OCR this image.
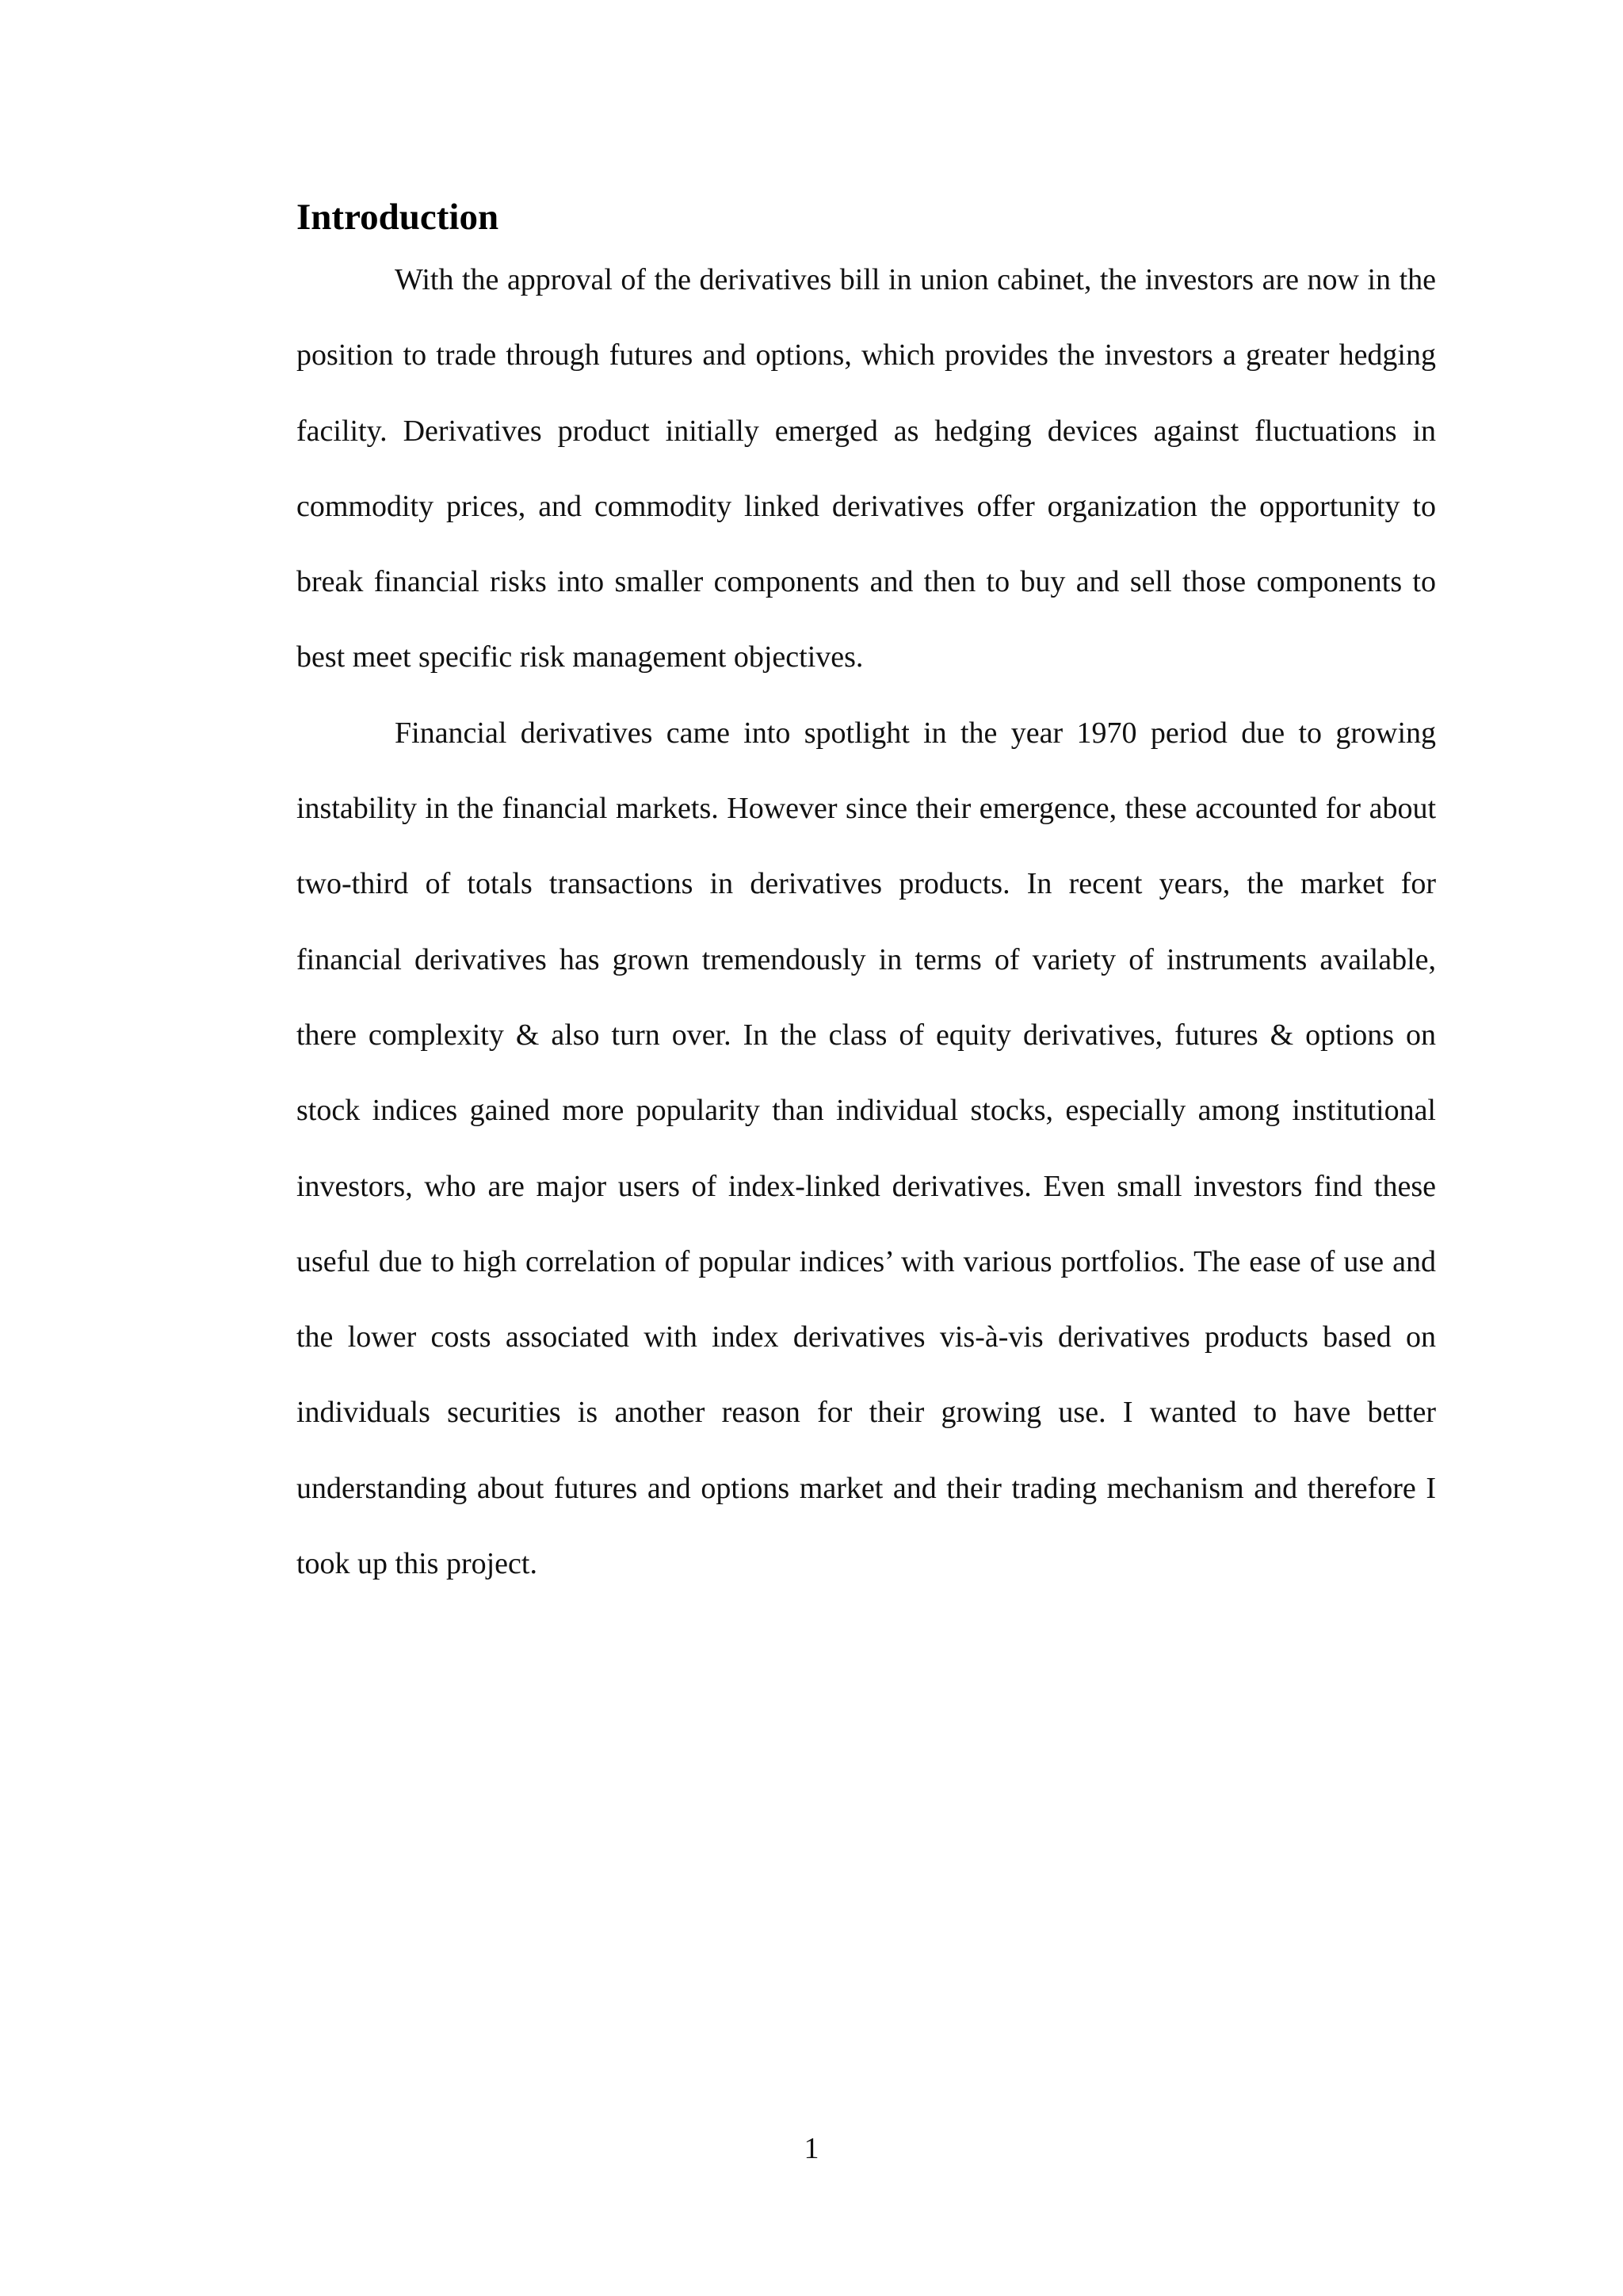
Introduction

With the approval of the derivatives bill in union cabinet, the investors are now in the position to trade through futures and options, which provides the investors a greater hedging facility. Derivatives product initially emerged as hedging devices against fluctuations in commodity prices, and commodity linked derivatives offer organization the opportunity to break financial risks into smaller components and then to buy and sell those components to best meet specific risk management objectives.

Financial derivatives came into spotlight in the year 1970 period due to growing instability in the financial markets. However since their emergence, these accounted for about two-third of totals transactions in derivatives products. In recent years, the market for financial derivatives has grown tremendously in terms of variety of instruments available, there complexity & also turn over. In the class of equity derivatives, futures & options on stock indices gained more popularity than individual stocks, especially among institutional investors, who are major users of index-linked derivatives. Even small investors find these useful due to high correlation of popular indices’ with various portfolios. The ease of use and the lower costs associated with index derivatives vis-à-vis derivatives products based on individuals securities is another reason for their growing use. I wanted to have better understanding about futures and options market and their trading mechanism and therefore I took up this project.

1
